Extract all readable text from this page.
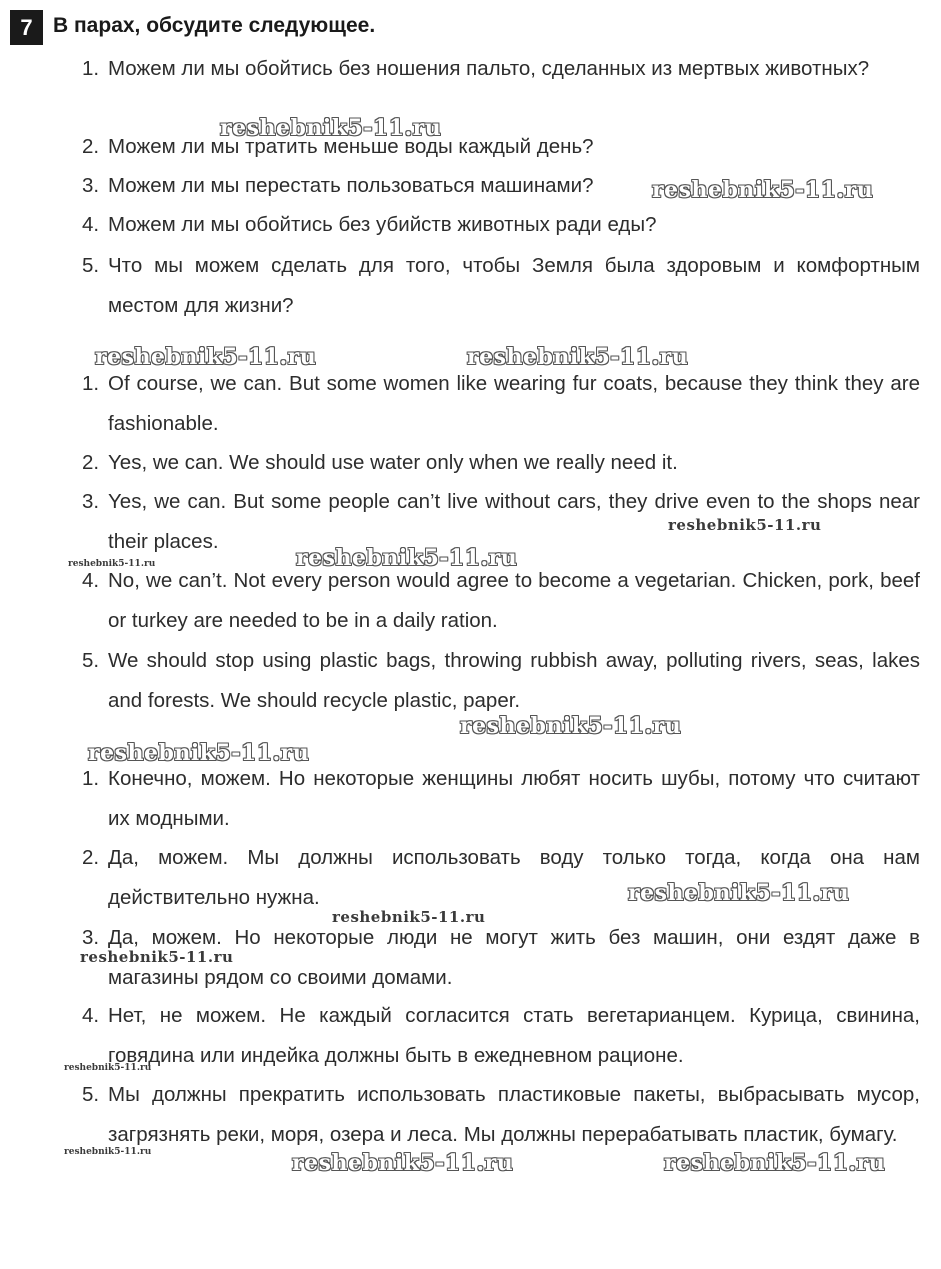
7 В парах, обсудите следующее.
1. Можем ли мы обойтись без ношения пальто, сделанных из мертвых животных?
2. Можем ли мы тратить меньше воды каждый день?
3. Можем ли мы перестать пользоваться машинами?
4. Можем ли мы обойтись без убийств животных ради еды?
5. Что мы можем сделать для того, чтобы Земля была здоровым и комфортным местом для жизни?
1. Of course, we can. But some women like wearing fur coats, because they think they are fashionable.
2. Yes, we can. We should use water only when we really need it.
3. Yes, we can. But some people can’t live without cars, they drive even to the shops near their places.
4. No, we can’t. Not every person would agree to become a vegetarian. Chicken, pork, beef or turkey are needed to be in a daily ration.
5. We should stop using plastic bags, throwing rubbish away, polluting rivers, seas, lakes and forests. We should recycle plastic, paper.
1. Конечно, можем. Но некоторые женщины любят носить шубы, потому что считают их модными.
2. Да, можем. Мы должны использовать воду только тогда, когда она нам действительно нужна.
3. Да, можем. Но некоторые люди не могут жить без машин, они ездят даже в магазины рядом со своими домами.
4. Нет, не можем. Не каждый согласится стать вегетарианцем. Курица, свинина, говядина или индейка должны быть в ежедневном рационе.
5. Мы должны прекратить использовать пластиковые пакеты, выбрасывать мусор, загрязнять реки, моря, озера и леса. Мы должны перерабатывать пластик, бумагу.
reshebnik5-11.ru
reshebnik5-11.ru
reshebnik5-11.ru	reshebnik5-11.ru
reshebnik5-11.ru
reshebnik5-11.ru
reshebnik5-11.ru
reshebnik5-11.ru
reshebnik5-11.ru
reshebnik5-11.ru
reshebnik5-11.ru
reshebnik5-11.ru
reshebnik5-11.ru
reshebnik5-11.ru	reshebnik5-11.ru	reshebnik5-11.ru
